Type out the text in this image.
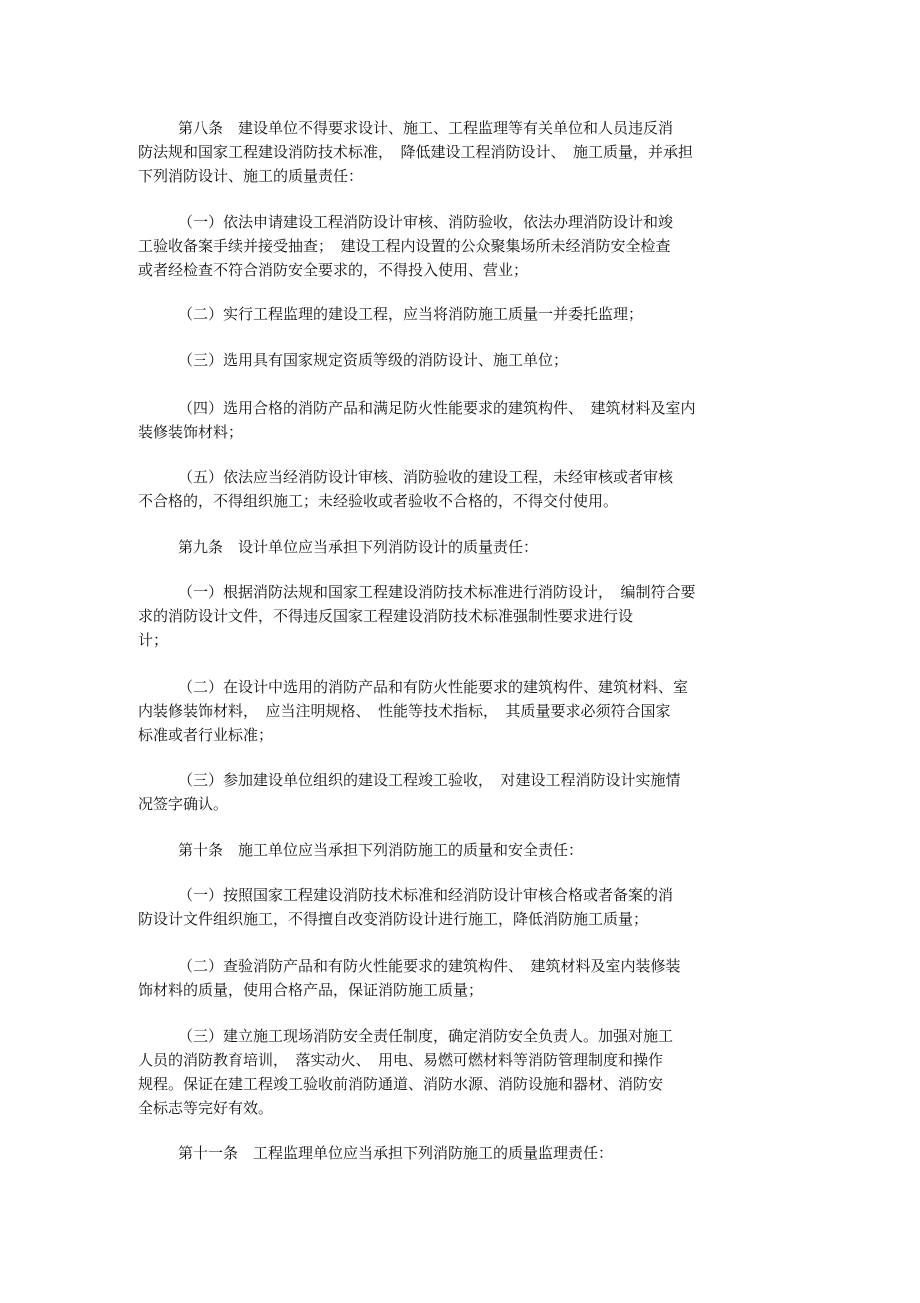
第八条　建设单位不得要求设计、施工、工程监理等有关单位和人员违反消
防法规和国家工程建设消防技术标准，　降低建设工程消防设计、　施工质量，并承担
下列消防设计、施工的质量责任：
（一）依法申请建设工程消防设计审核、消防验收，依法办理消防设计和竣
工验收备案手续并接受抽查；　建设工程内设置的公众聚集场所未经消防安全检查
或者经检查不符合消防安全要求的，不得投入使用、营业；
（二）实行工程监理的建设工程，应当将消防施工质量一并委托监理；
（三）选用具有国家规定资质等级的消防设计、施工单位；
（四）选用合格的消防产品和满足防火性能要求的建筑构件、　建筑材料及室内
装修装饰材料；
（五）依法应当经消防设计审核、消防验收的建设工程，未经审核或者审核
不合格的，不得组织施工；未经验收或者验收不合格的，不得交付使用。
第九条　设计单位应当承担下列消防设计的质量责任：
（一）根据消防法规和国家工程建设消防技术标准进行消防设计，　编制符合要
求的消防设计文件，不得违反国家工程建设消防技术标准强制性要求进行设
计；
（二）在设计中选用的消防产品和有防火性能要求的建筑构件、建筑材料、室
内装修装饰材料，　应当注明规格、　性能等技术指标，　其质量要求必须符合国家
标准或者行业标准；
（三）参加建设单位组织的建设工程竣工验收，　对建设工程消防设计实施情
况签字确认。
第十条　施工单位应当承担下列消防施工的质量和安全责任：
（一）按照国家工程建设消防技术标准和经消防设计审核合格或者备案的消
防设计文件组织施工，不得擅自改变消防设计进行施工，降低消防施工质量；
（二）查验消防产品和有防火性能要求的建筑构件、　建筑材料及室内装修装
饰材料的质量，使用合格产品，保证消防施工质量；
（三）建立施工现场消防安全责任制度，确定消防安全负责人。加强对施工
人员的消防教育培训，　落实动火、　用电、易燃可燃材料等消防管理制度和操作
规程。保证在建工程竣工验收前消防通道、消防水源、消防设施和器材、消防安
全标志等完好有效。
第十一条　工程监理单位应当承担下列消防施工的质量监理责任：
